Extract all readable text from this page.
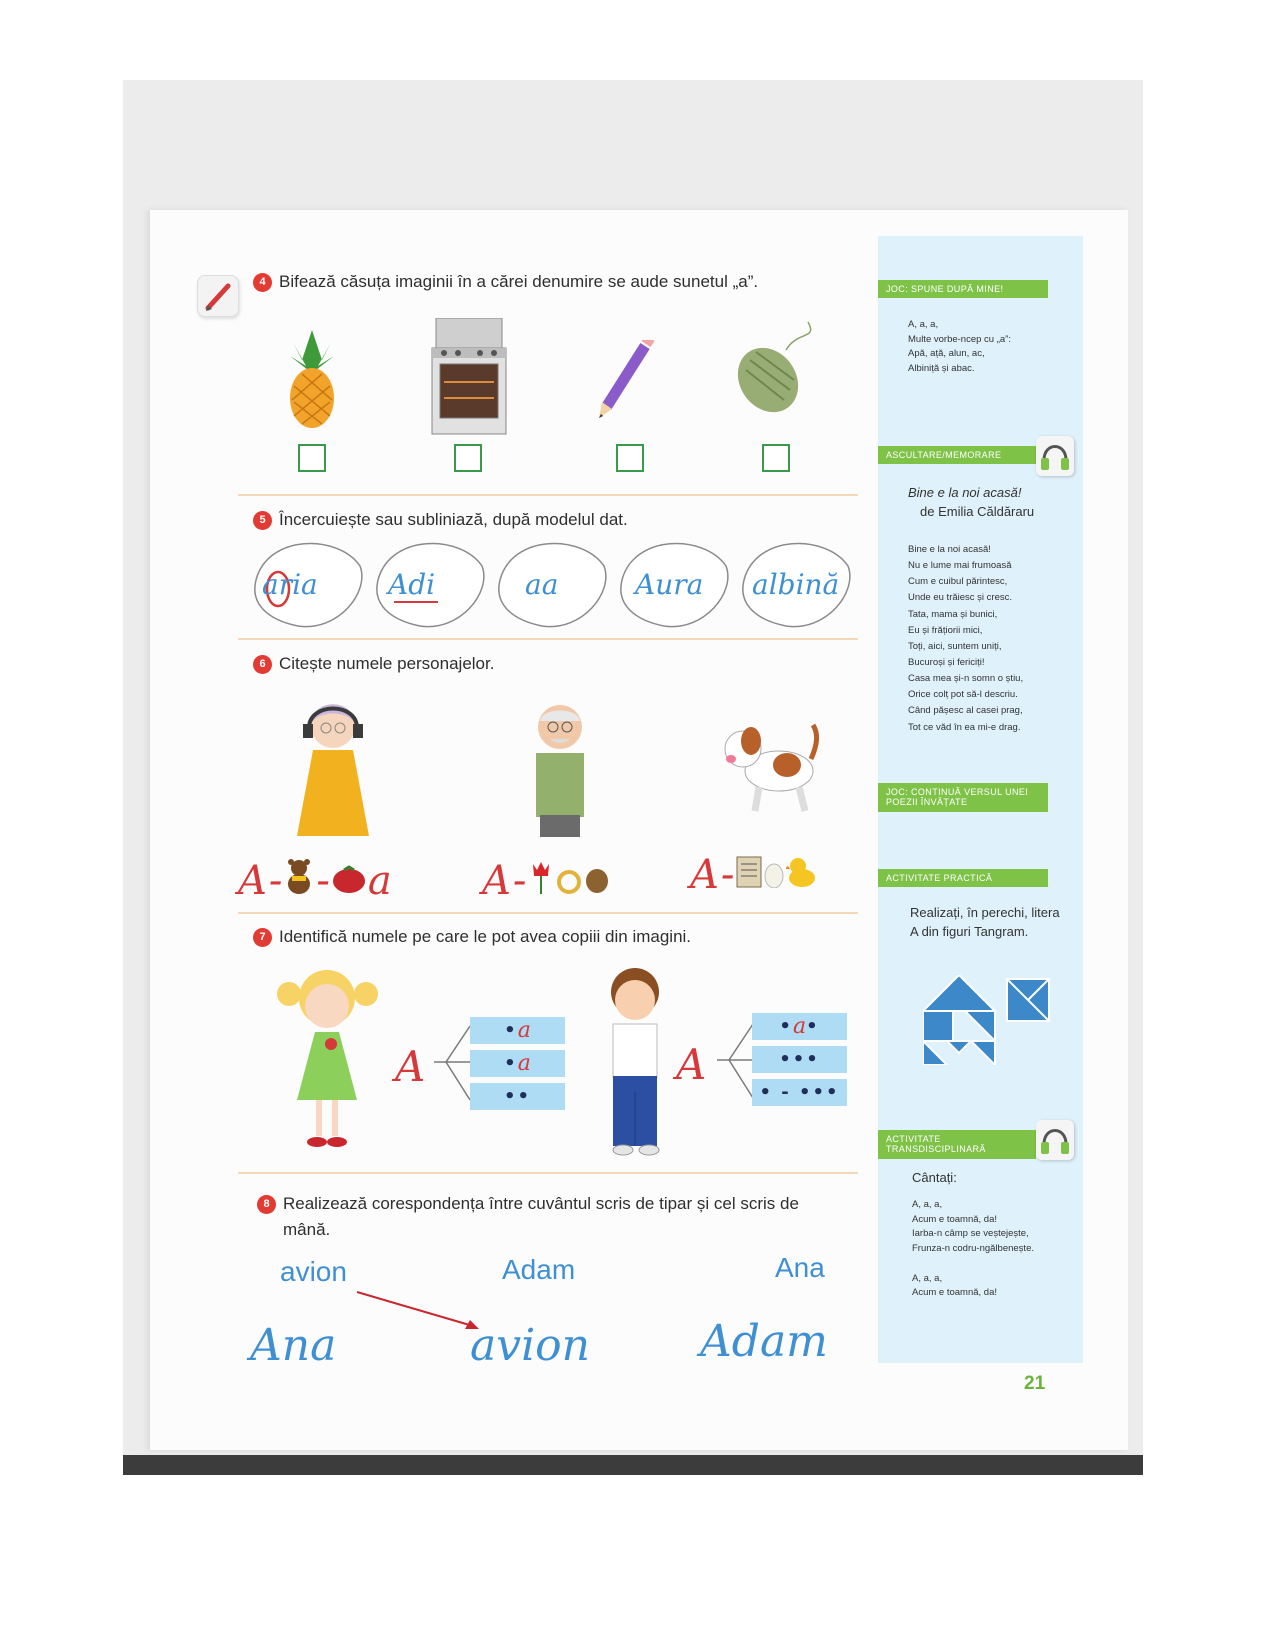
4 Bifează căsuța imaginii în a cărei denumire se aude sunetul „a”.
5 Încercuiește sau subliniază, după modelul dat.
aria	Adi	aa	Aura albină
6 Citește numele personajelor.
A - - a A -	A -
7 Identifică numele pe care le pot avea copiii din imagini.
A
• a
• a
••
A
• a •
•••
• - •••
8 Realizează corespondența între cuvântul scris de tipar și cel scris de mână.
avion	Adam	Ana
Ana	avion	Adam
JOC: SPUNE DUPĂ MINE!
A, a, a,
Multe vorbe-ncep cu „a”:
Apă, ață, alun, ac,
Albiniță și abac.
ASCULTARE/MEMORARE
Bine e la noi acasă!
de Emilia Căldăraru
Bine e la noi acasă!
Nu e lume mai frumoasă
Cum e cuibul părintesc,
Unde eu trăiesc și cresc.
Tata, mama și bunici,
Eu și frățiorii mici,
Toți, aici, suntem uniți,
Bucuroși și fericiți!
Casa mea și-n somn o știu,
Orice colț pot să-l descriu.
Când pășesc al casei prag,
Tot ce văd în ea mi-e drag.
JOC: CONTINUĂ VERSUL UNEI POEZII ÎNVĂȚATE
ACTIVITATE PRACTICĂ
Realizați, în perechi, litera A din figuri Tangram.
ACTIVITATE TRANSDISCIPLINARĂ
Cântați:
A, a, a,
Acum e toamnă, da!
Iarba-n câmp se veștejește,
Frunza-n codru-ngălbenește.

A, a, a,
Acum e toamnă, da!
21
